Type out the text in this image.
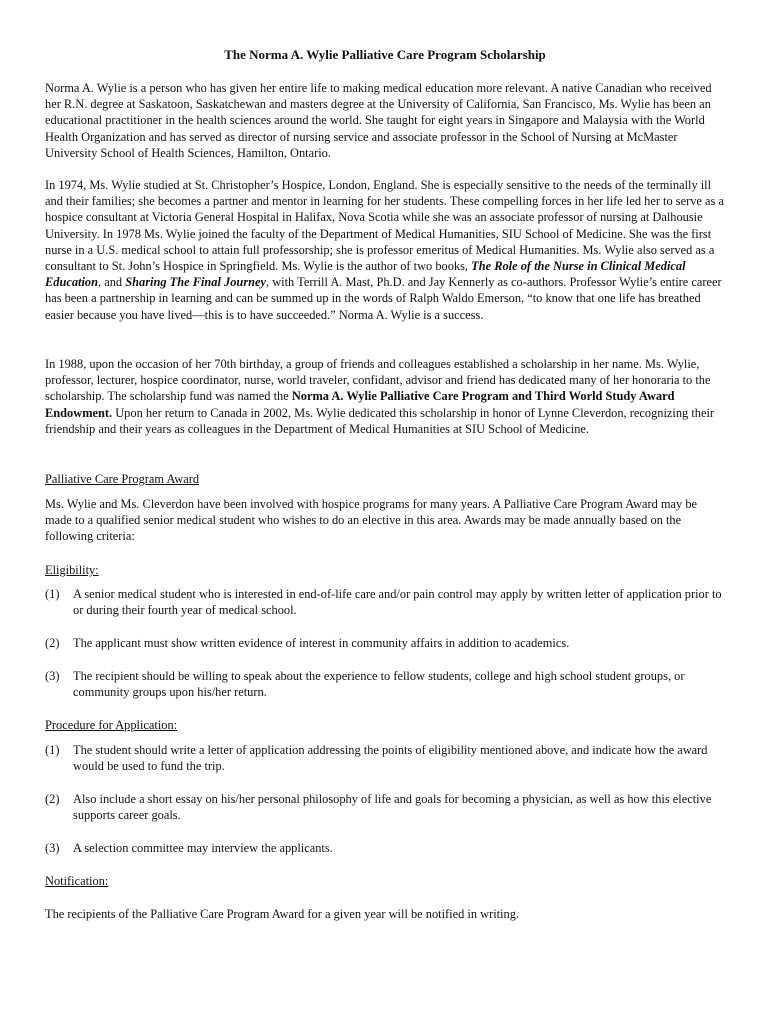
The Norma A. Wylie Palliative Care Program Scholarship

Norma A. Wylie is a person who has given her entire life to making medical education more relevant. A native Canadian who received her R.N. degree at Saskatoon, Saskatchewan and masters degree at the University of California, San Francisco, Ms. Wylie has been an educational practitioner in the health sciences around the world. She taught for eight years in Singapore and Malaysia with the World Health Organization and has served as director of nursing service and associate professor in the School of Nursing at McMaster University School of Health Sciences, Hamilton, Ontario.

In 1974, Ms. Wylie studied at St. Christopher’s Hospice, London, England. She is especially sensitive to the needs of the terminally ill and their families; she becomes a partner and mentor in learning for her students. These compelling forces in her life led her to serve as a hospice consultant at Victoria General Hospital in Halifax, Nova Scotia while she was an associate professor of nursing at Dalhousie University. In 1978 Ms. Wylie joined the faculty of the Department of Medical Humanities, SIU School of Medicine. She was the first nurse in a U.S. medical school to attain full professorship; she is professor emeritus of Medical Humanities. Ms. Wylie also served as a consultant to St. John’s Hospice in Springfield. Ms. Wylie is the author of two books, The Role of the Nurse in Clinical Medical Education, and Sharing The Final Journey, with Terrill A. Mast, Ph.D. and Jay Kennerly as co-authors. Professor Wylie’s entire career has been a partnership in learning and can be summed up in the words of Ralph Waldo Emerson, “to know that one life has breathed easier because you have lived—this is to have succeeded.” Norma A. Wylie is a success.

In 1988, upon the occasion of her 70th birthday, a group of friends and colleagues established a scholarship in her name. Ms. Wylie, professor, lecturer, hospice coordinator, nurse, world traveler, confidant, advisor and friend has dedicated many of her honoraria to the scholarship. The scholarship fund was named the Norma A. Wylie Palliative Care Program and Third World Study Award Endowment. Upon her return to Canada in 2002, Ms. Wylie dedicated this scholarship in honor of Lynne Cleverdon, recognizing their friendship and their years as colleagues in the Department of Medical Humanities at SIU School of Medicine.

Palliative Care Program Award

Ms. Wylie and Ms. Cleverdon have been involved with hospice programs for many years. A Palliative Care Program Award may be made to a qualified senior medical student who wishes to do an elective in this area. Awards may be made annually based on the following criteria:

Eligibility:
(1) A senior medical student who is interested in end-of-life care and/or pain control may apply by written letter of application prior to or during their fourth year of medical school.
(2) The applicant must show written evidence of interest in community affairs in addition to academics.
(3) The recipient should be willing to speak about the experience to fellow students, college and high school student groups, or community groups upon his/her return.
Procedure for Application:
(1) The student should write a letter of application addressing the points of eligibility mentioned above, and indicate how the award would be used to fund the trip.
(2) Also include a short essay on his/her personal philosophy of life and goals for becoming a physician, as well as how this elective supports career goals.
(3) A selection committee may interview the applicants.
Notification:
The recipients of the Palliative Care Program Award for a given year will be notified in writing.
